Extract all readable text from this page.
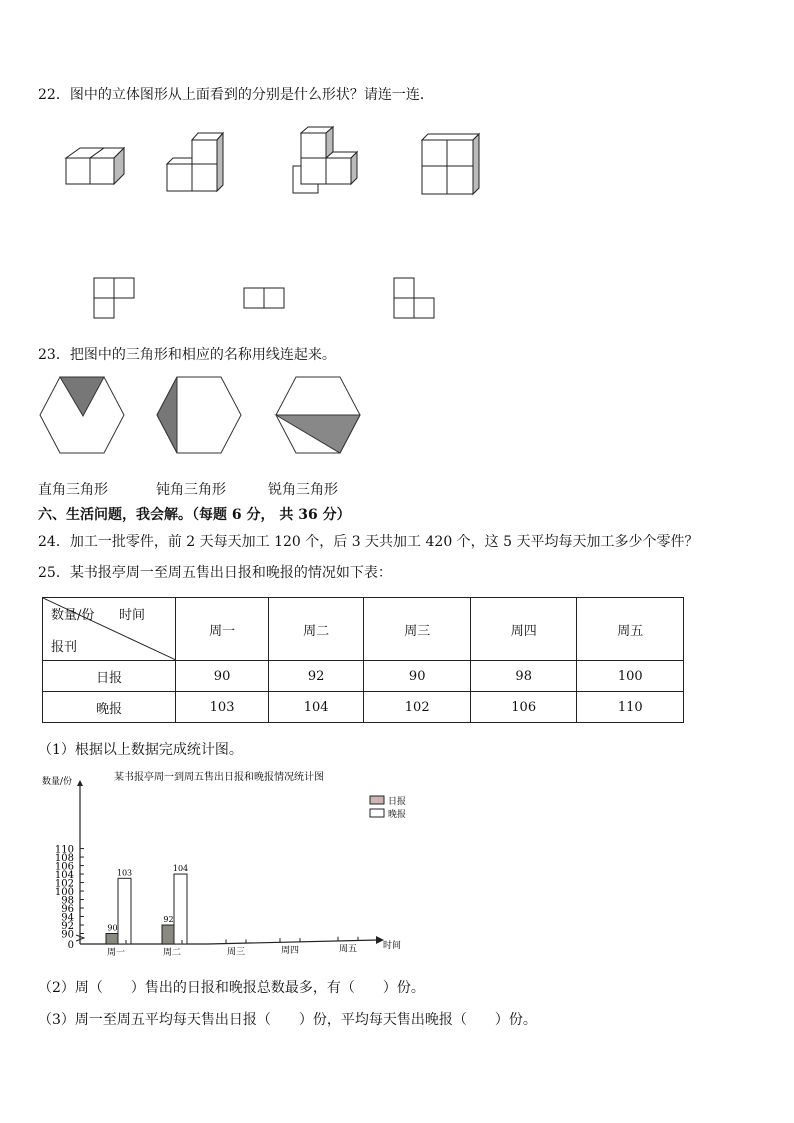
22．图中的立体图形从上面看到的分别是什么形状？请连一连．
23．把图中的三角形和相应的名称用线连起来。
直角三角形	钝角三角形	锐角三角形
六、生活问题，我会解。（每题 6 分， 共 36 分）
24．加工一批零件，前 2 天每天加工 120 个，后 3 天共加工 420 个，这 5 天平均每天加工多少个零件？
25．某书报亭周一至周五售出日报和晚报的情况如下表：
数量/份 时间
报刊	周一	周二	周三	周四	周五
日报	90	92	90	98	100
晚报	103	104	102	106	110
（1）根据以上数据完成统计图。
某书报亭周一到周五售出日报和晚报情况统计图
数量/份
时间
0
90
92
94
96
98
100
102
104
106
108
110
90
92
103	104
周一	周二	周三	周四	周五
日报
晚报
（2）周（　　）售出的日报和晚报总数最多，有（　　）份。
（3）周一至周五平均每天售出日报（　　）份，平均每天售出晚报（　　）份。
